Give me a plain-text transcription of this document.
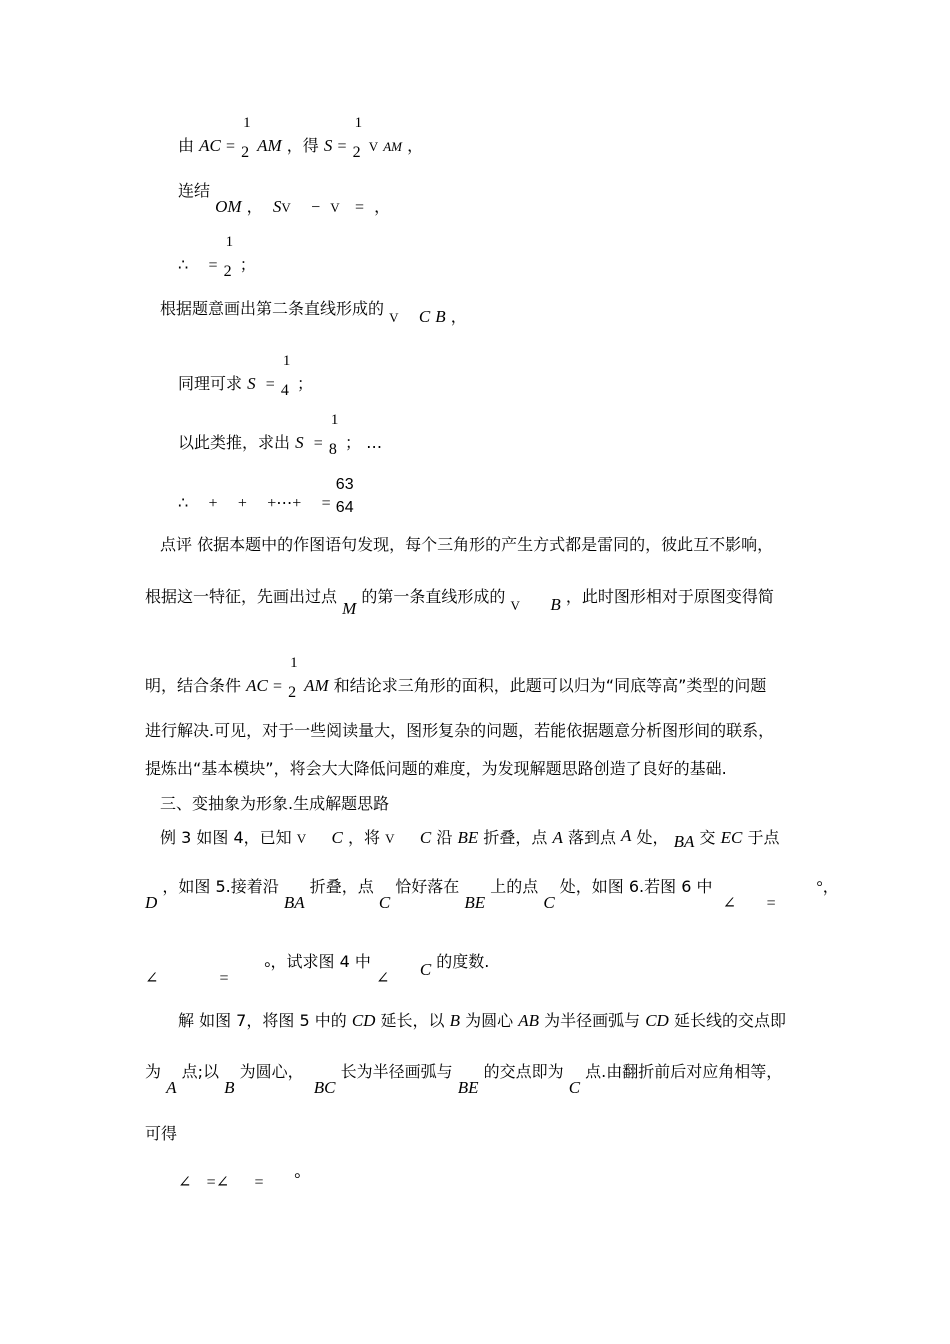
由 AC =
1
2 AM ，得 S =
1
2 V AM ，
连结 OM ， $S_V - _V$ = ，
∴ =
1
2 ；
根据题意画出第二条直线形成的 $_V$ C B ，
同理可求 S =
1
4 ；
以此类推，求出 S =
1
8 ； …
∴ + + +⋯+ =
63
64
点评 依据本题中的作图语句发现，每个三角形的产生方式都是雷同的，彼此互不影响，
根据这一特征，先画出过点 M 的第一条直线形成的 $_V$ B ，此时图形相对于原图变得简
明，结合条件 AC =
1
2 AM 和结论求三角形的面积，此题可以归为“同底等高”类型的问题
进行解决.可见，对于一些阅读量大，图形复杂的问题，若能依据题意分析图形间的联系，
提炼出“基本模块”，将会大大降低问题的难度，为发现解题思路创造了良好的基础.
三、变抽象为形象.生成解题思路
例 3 如图 4，已知 V C ，将 V C 沿 BE 折叠，点 A 落到点 A 处， BA 交 EC 于点
D ，如图 5.接着沿 BA 折叠，点 C 恰好落在 BE 上的点 C 处，如图 6.若图 6 中  ∠ =        °，
∠	=       °，试求图 4 中 ∠ C 的度数.
解 如图 7，将图 5 中的 CD 延长，以 B 为圆心 AB 为半径画弧与 CD 延长线的交点即
为 A 点;以 B 为圆心，  BC 长为半径画弧与 BE 的交点即为 C 点.由翻折前后对应角相等，
可得
∠ =∠ = °
